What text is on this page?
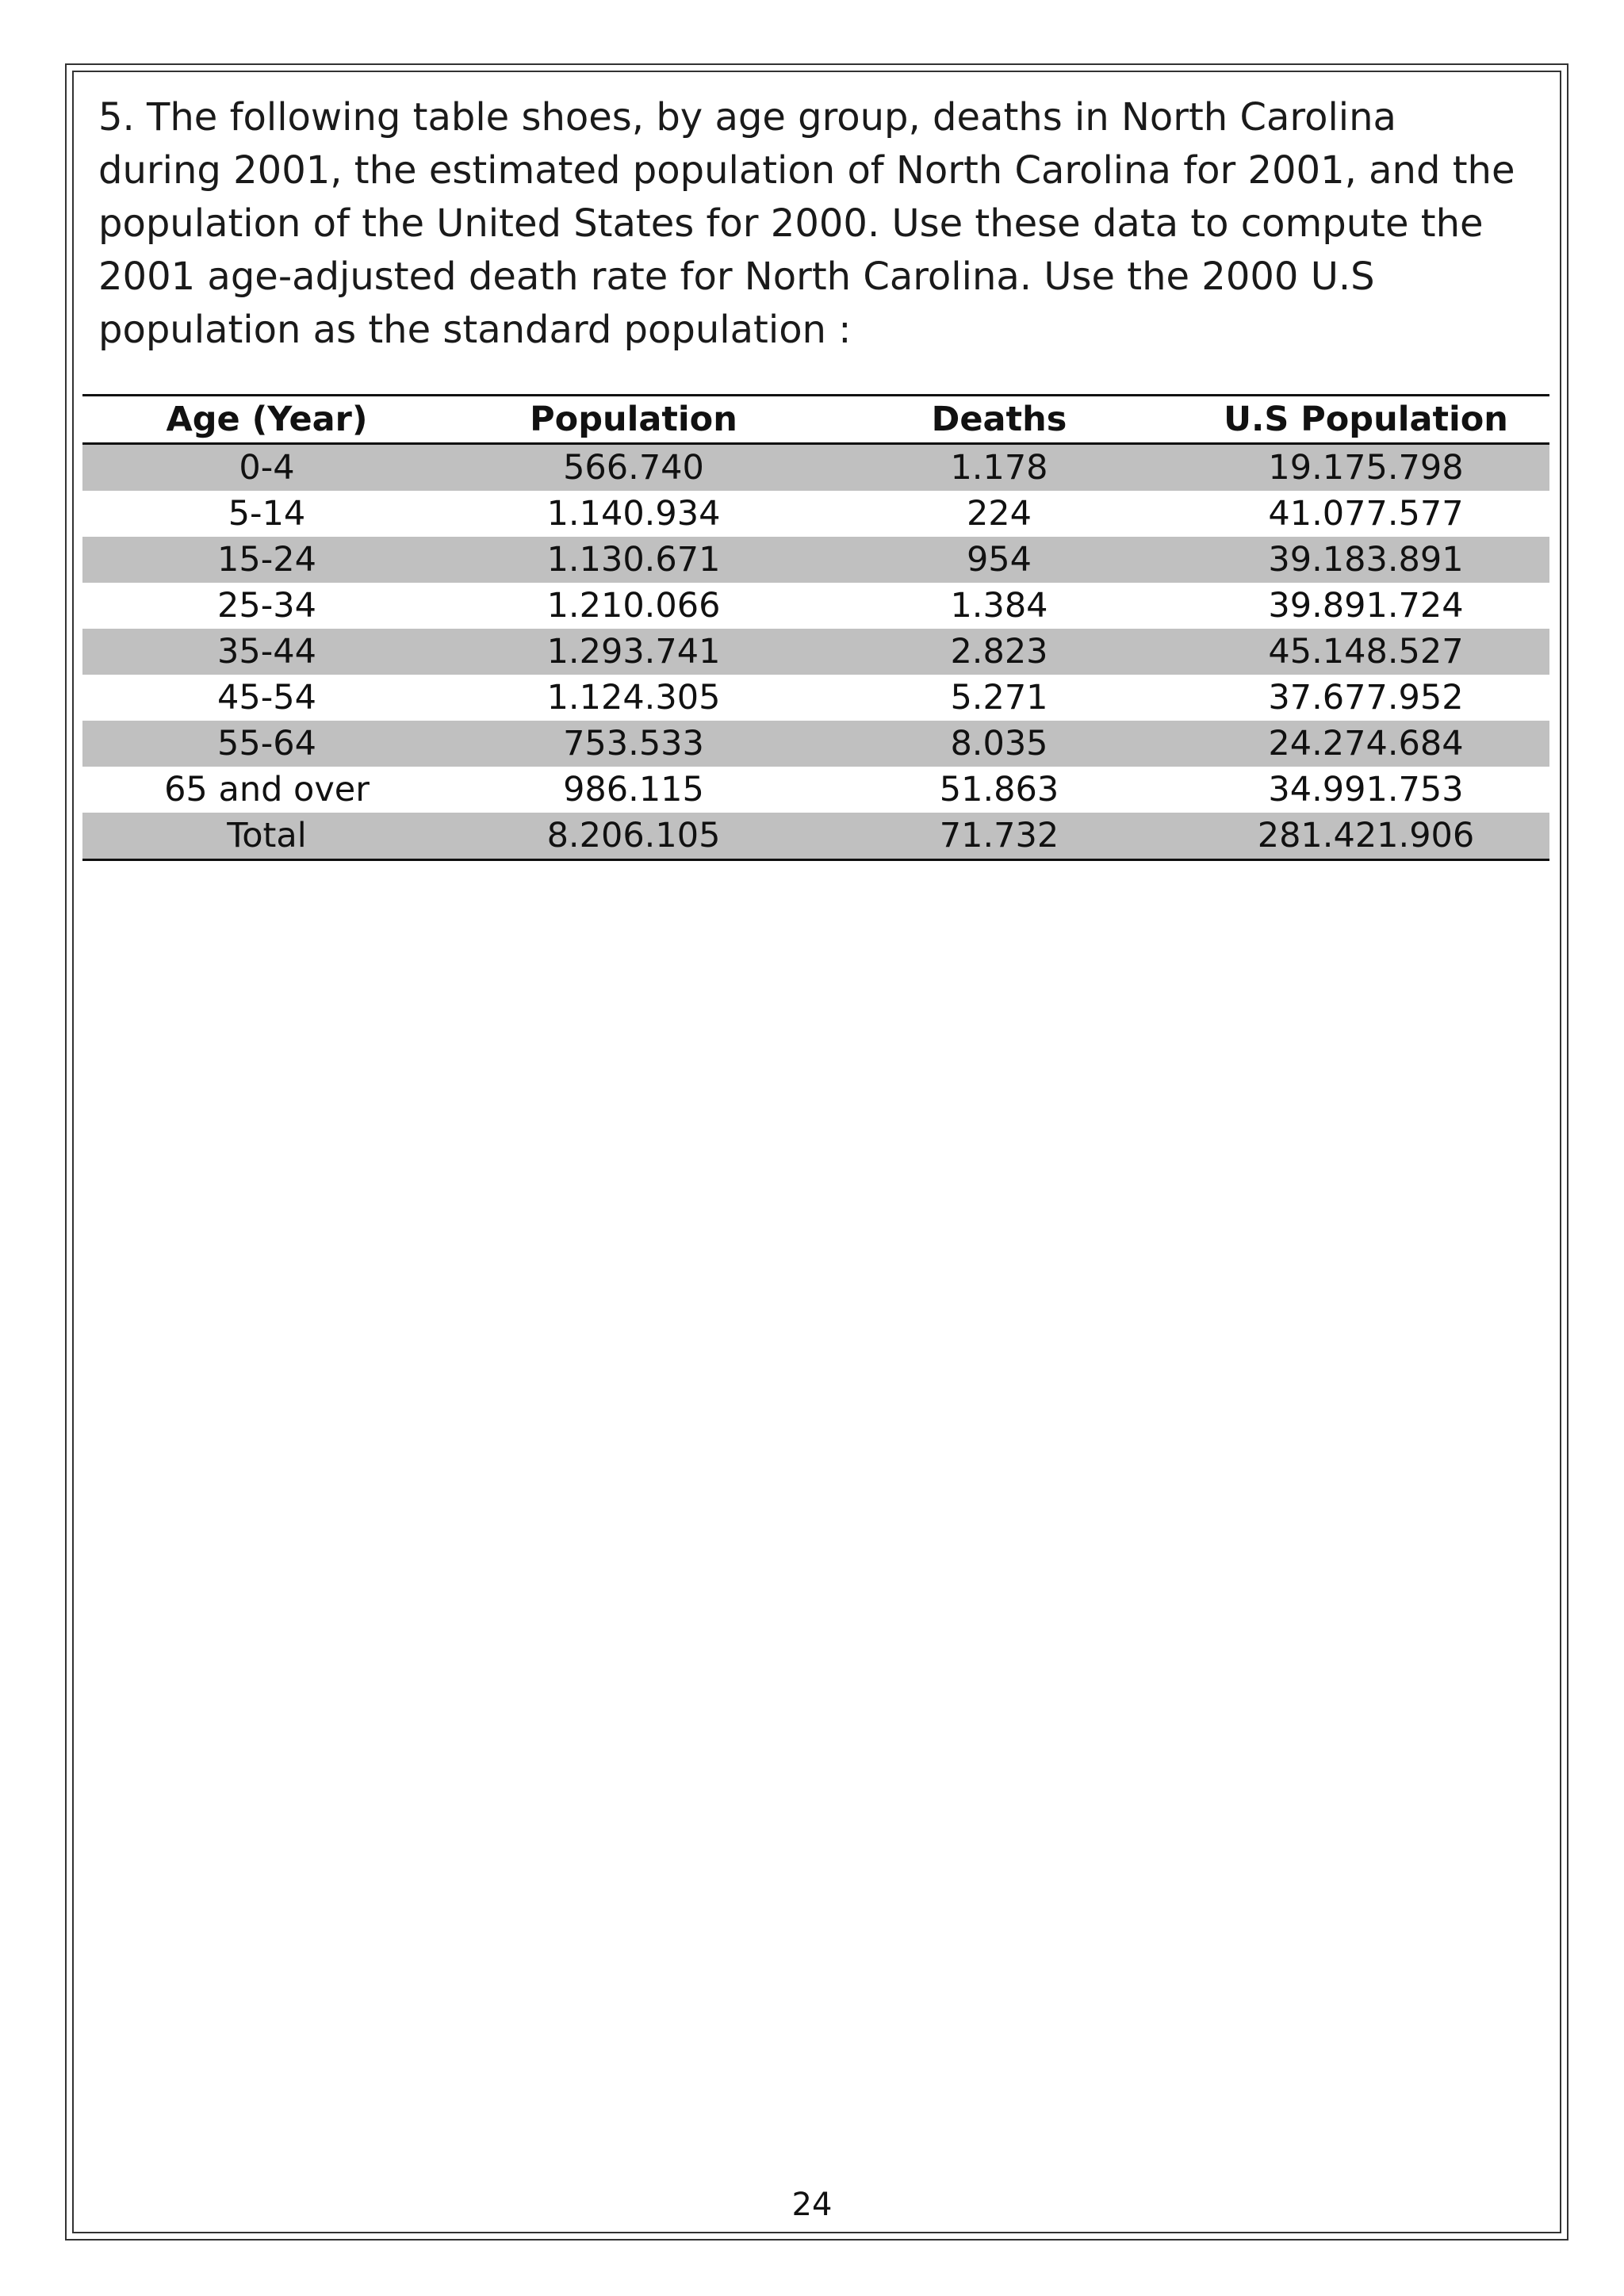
5. The following table shoes, by age group, deaths in North Carolina during 2001, the estimated population of North Carolina for 2001, and the population of the United States for 2000. Use these data to compute the 2001 age-adjusted death rate for North Carolina. Use the 2000 U.S population as the standard population :

Age (Year)	Population	Deaths	U.S Population
0-4	566.740	1.178	19.175.798
5-14	1.140.934	224	41.077.577
15-24	1.130.671	954	39.183.891
25-34	1.210.066	1.384	39.891.724
35-44	1.293.741	2.823	45.148.527
45-54	1.124.305	5.271	37.677.952
55-64	753.533	8.035	24.274.684
65 and over	986.115	51.863	34.991.753
Total	8.206.105	71.732	281.421.906
24
